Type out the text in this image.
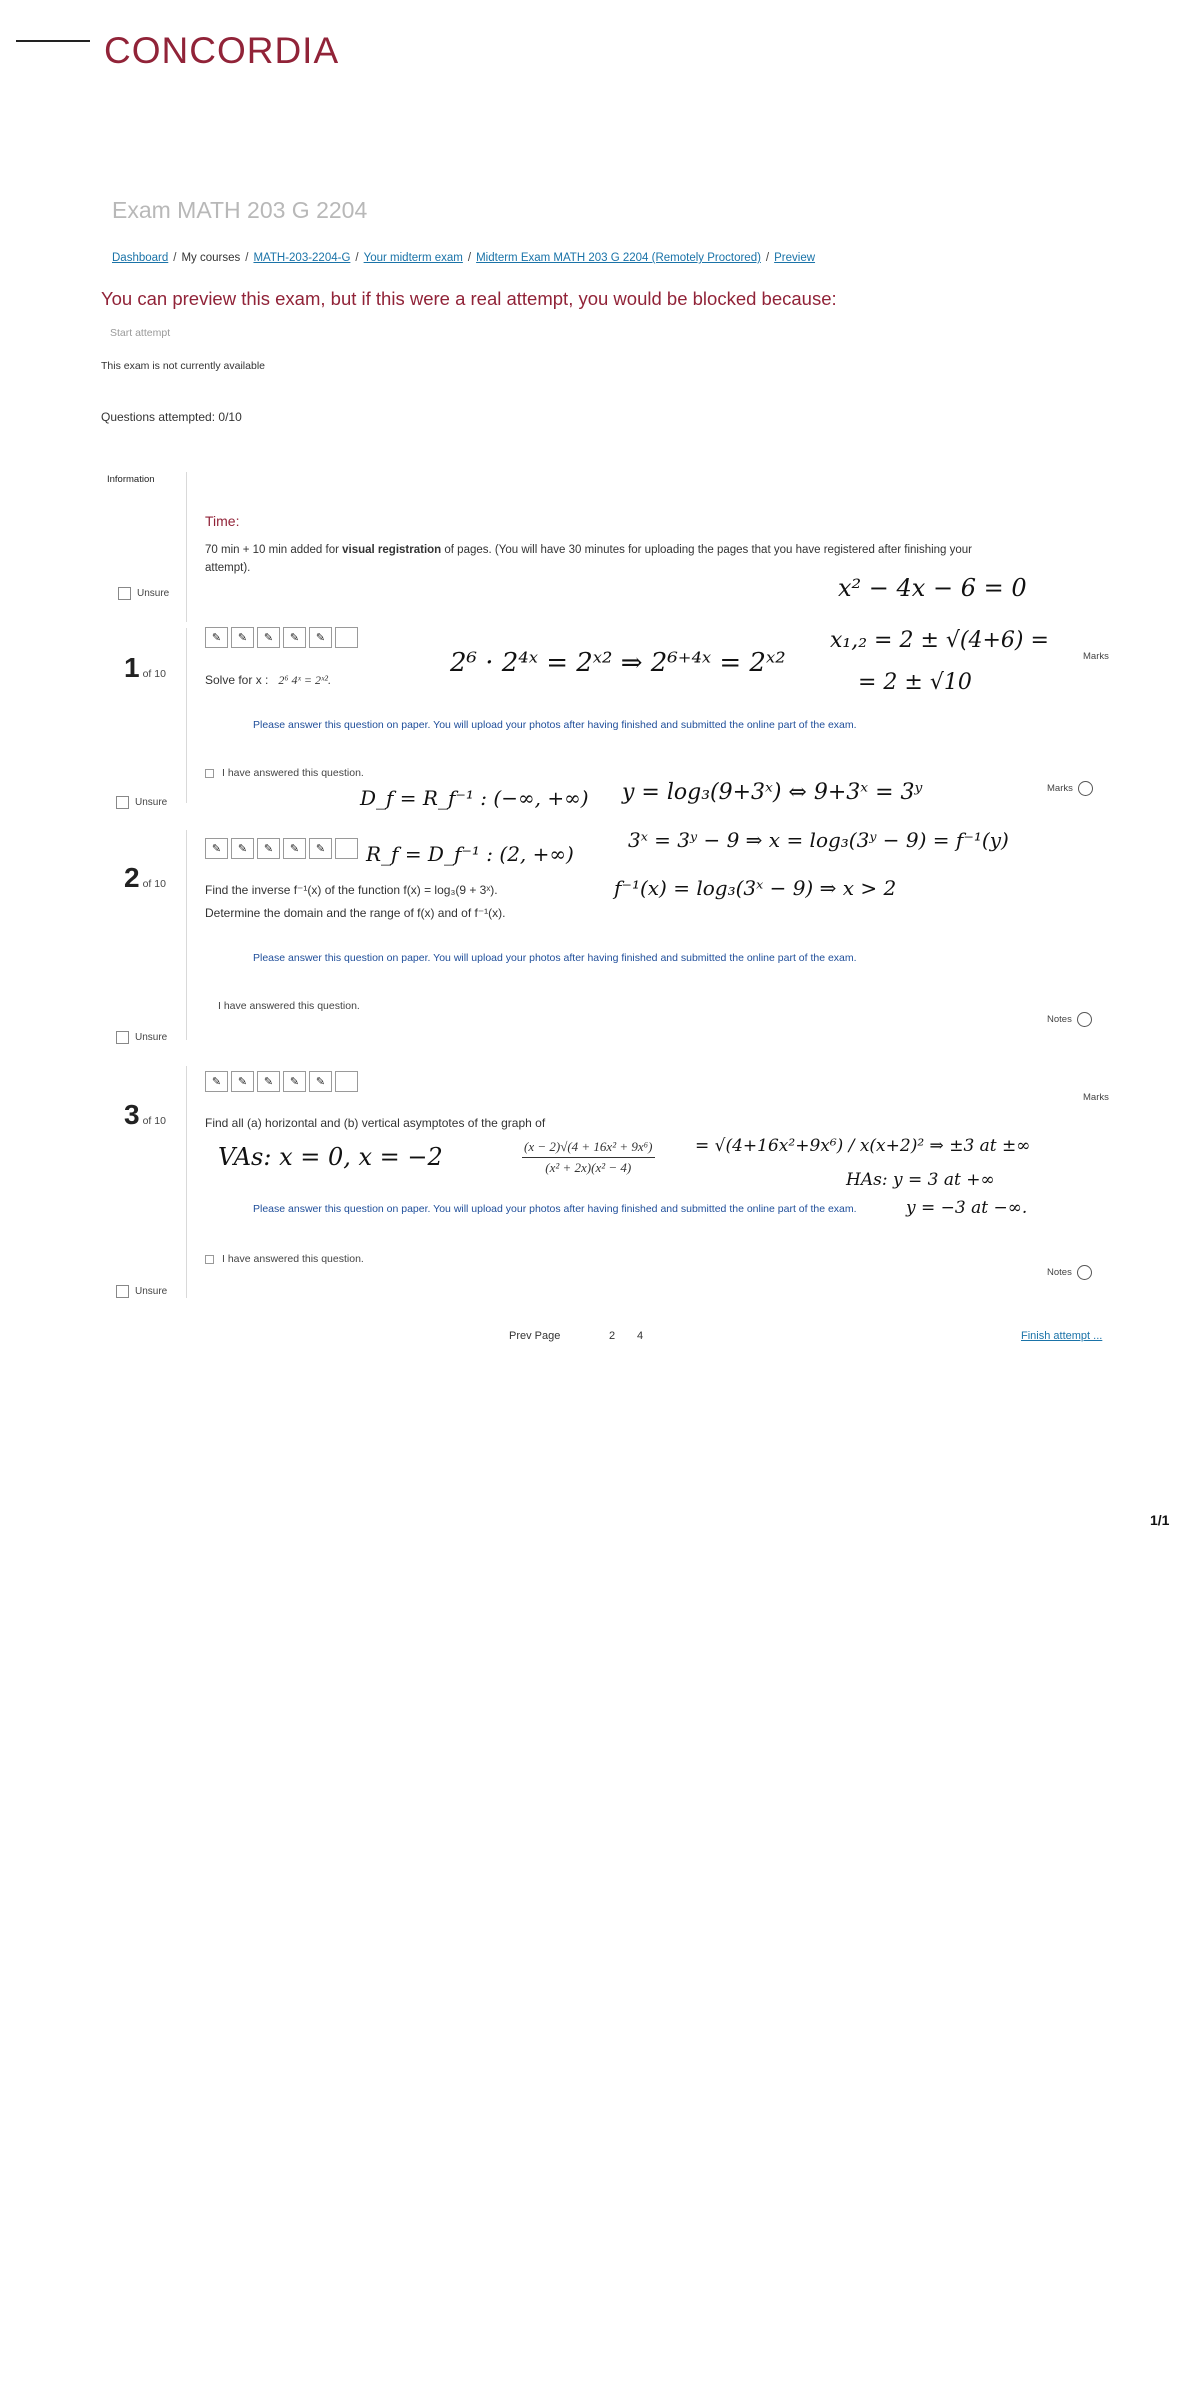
CONCORDIA
Exam MATH 203 G 2204
Dashboard / My courses / MATH-203-2204-G / Your midterm exam / Midterm Exam MATH 203 G 2204 (Remotely Proctored) / Preview
You can preview this exam, but if this were a real attempt, you would be blocked because:
Start attempt
This exam is not currently available
Questions attempted: 0/10
Information
Time:
70 min + 10 min added for visual registration of pages. (You will have 30 minutes for uploading the pages that you have registered after finishing your attempt).
Unsure
1 of 10
✎	✎	✎	✎	✎
Marks
Solve for x : 2⁶ 4ˣ = 2ˣ².
Please answer this question on paper. You will upload your photos after having finished and submitted the online part of the exam.
I have answered this question.
Unsure
2⁶ · 2⁴ˣ = 2ˣ² ⇒ 2⁶⁺⁴ˣ = 2ˣ²
x² − 4x − 6 = 0
x₁,₂ = 2 ± √(4+6) =
= 2 ± √10
2 of 10
✎	✎	✎	✎	✎
Marks
Find the inverse f⁻¹(x) of the function f(x) = log₃(9 + 3ˣ).
Determine the domain and the range of f(x) and of f⁻¹(x).
Please answer this question on paper. You will upload your photos after having finished and submitted the online part of the exam.
I have answered this question.
Notes
Unsure
D_f = R_f⁻¹ : (−∞, +∞)
R_f = D_f⁻¹ : (2, +∞)
y = log₃(9+3ˣ) ⇔ 9+3ˣ = 3ʸ
3ˣ = 3ʸ − 9 ⇒ x = log₃(3ʸ − 9) = f⁻¹(y)
f⁻¹(x) = log₃(3ˣ − 9) ⇒ x > 2
3 of 10
✎	✎	✎	✎	✎
Marks
Find all (a) horizontal and (b) vertical asymptotes of the graph of
$\frac{\text{(x − 2)√(4 + 16x² + 9x⁶)}}{\text{(x² + 2x)(x² − 4)}}$
Please answer this question on paper. You will upload your photos after having finished and submitted the online part of the exam.
I have answered this question.
Notes
Unsure
VAs: x = 0, x = −2	= √(4+16x²+9x⁶) / x(x+2)² ⇒ ±3 at ±∞
HAs: y = 3 at +∞
y = −3 at −∞.
Prev Page	2 4	Finish attempt ...
1/1
